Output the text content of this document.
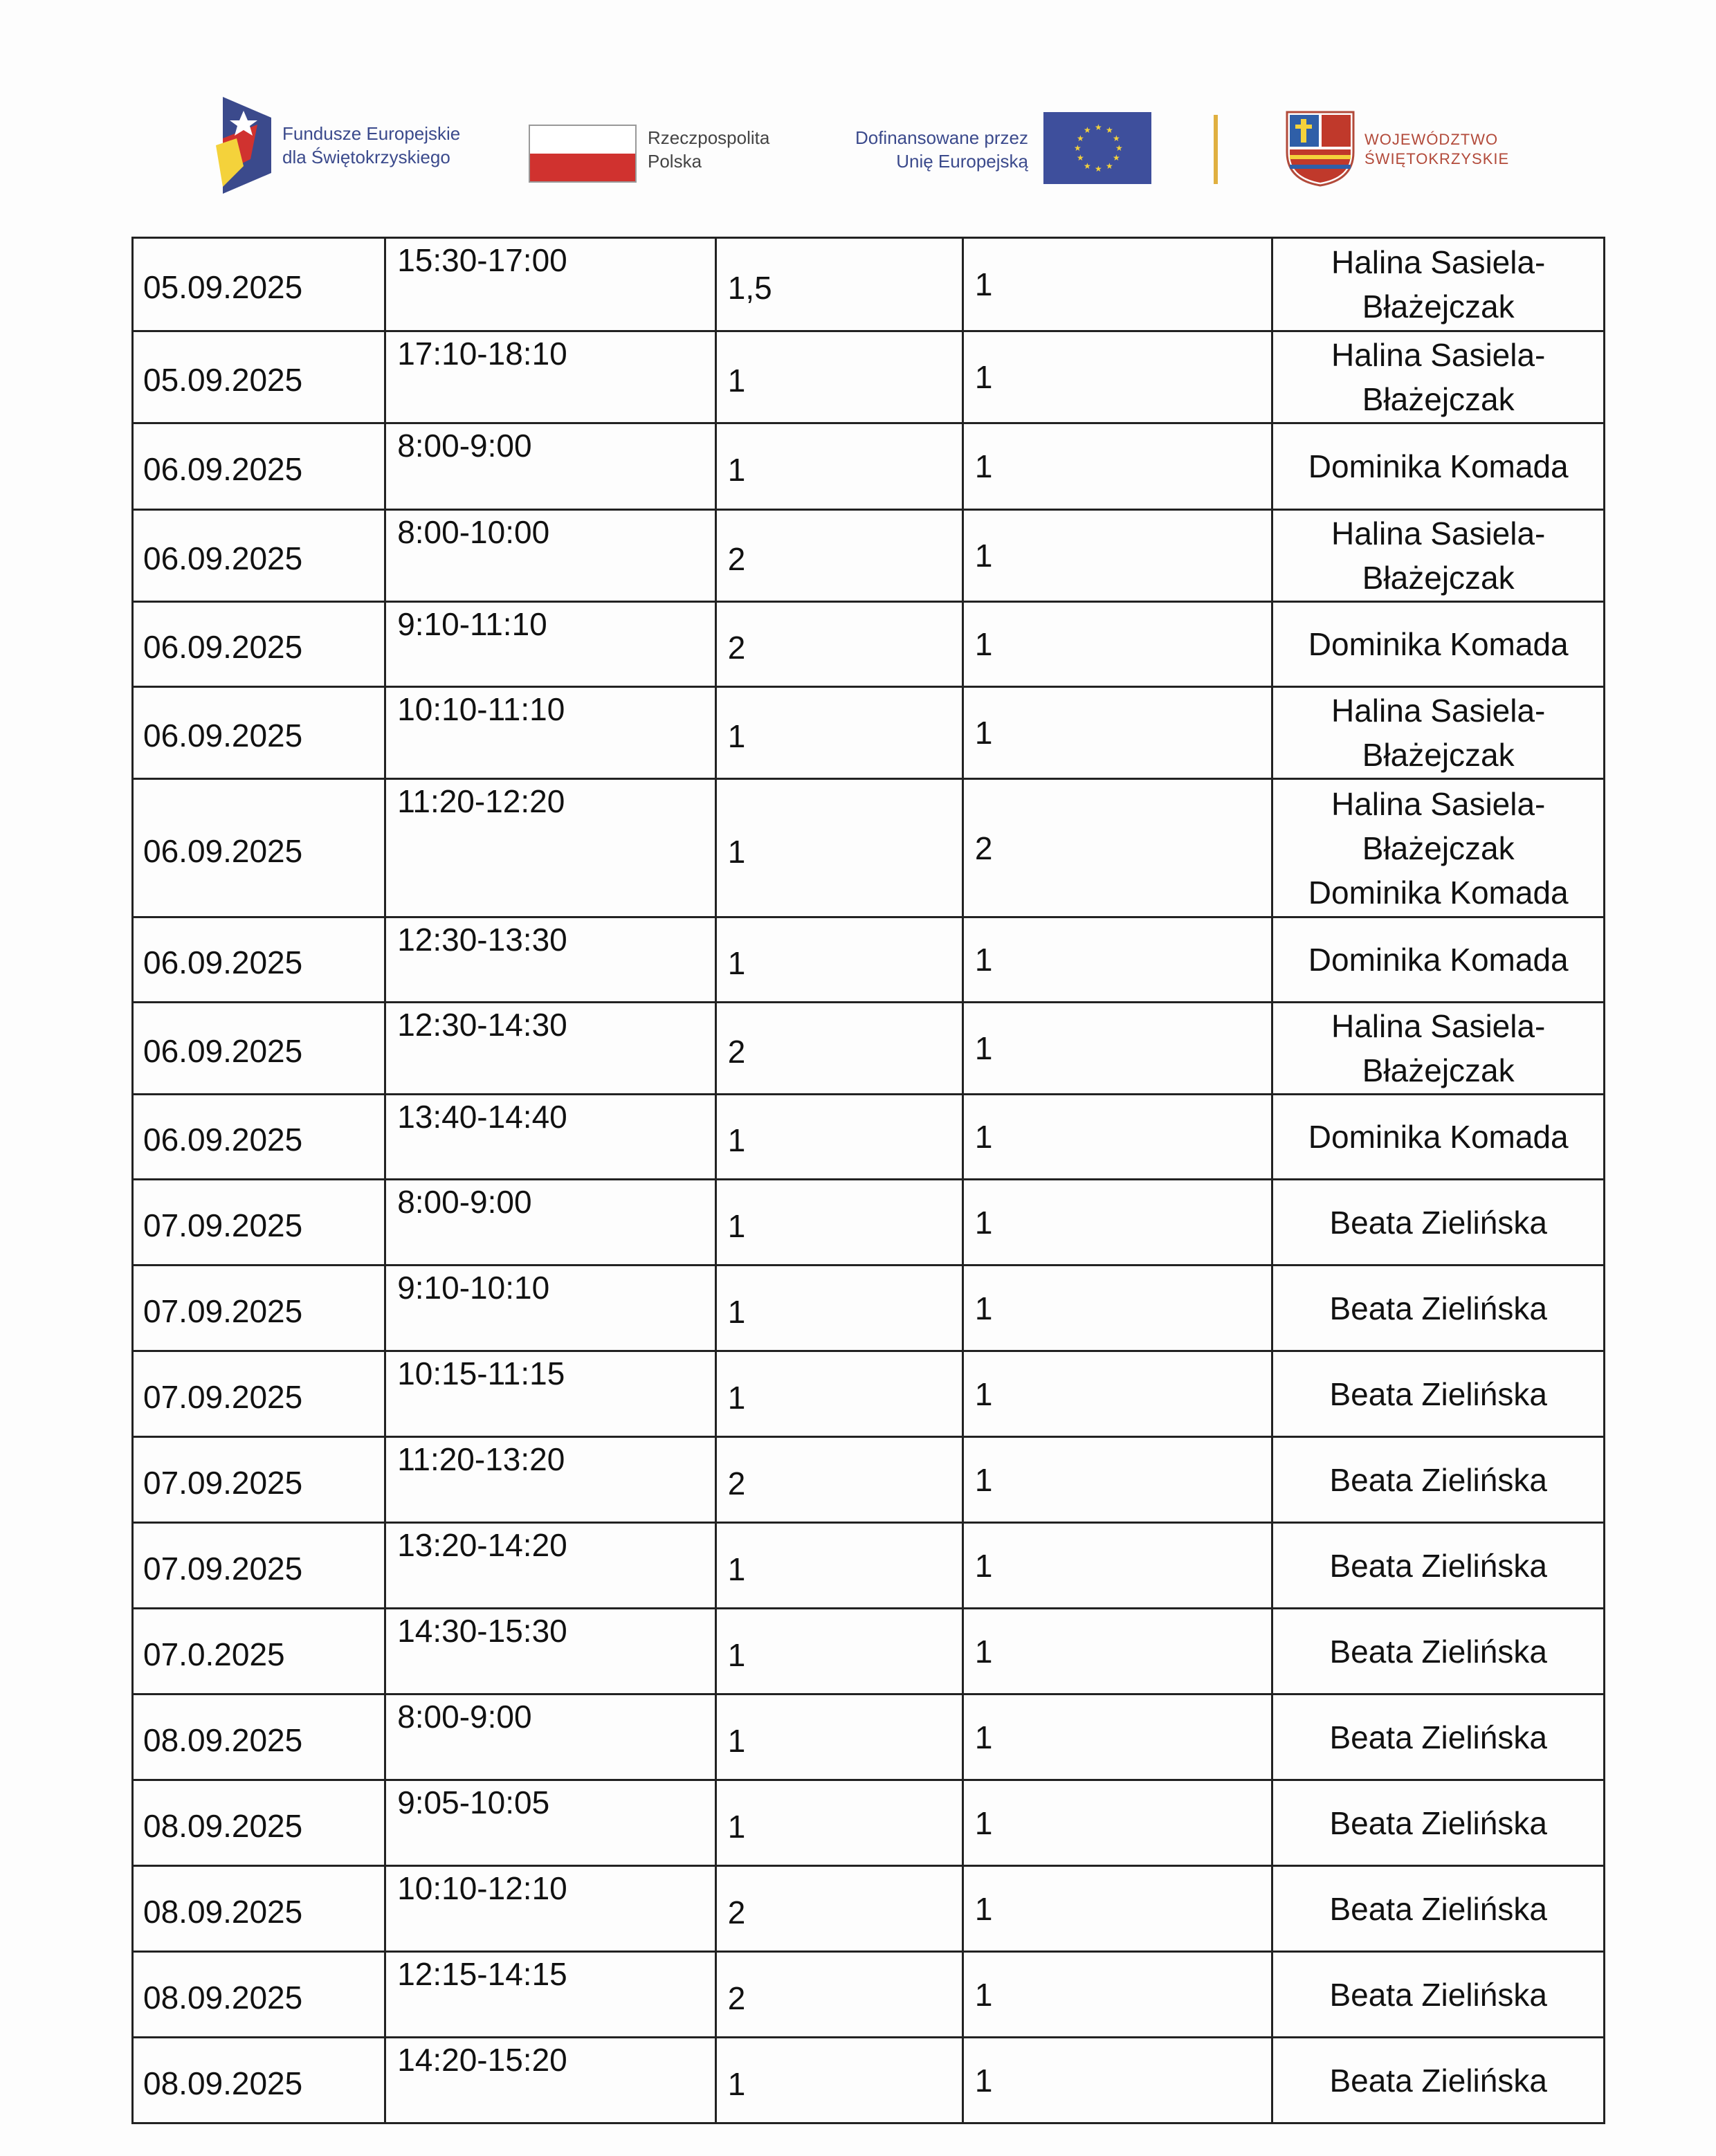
Fundusze Europejskie
dla Świętokrzyskiego
Rzeczpospolita
Polska
Dofinansowane przez
Unię Europejską
★ ★
★
★
★
★
★
★
★
★
★
★
WOJEWÓDZTWO
ŚWIĘTOKRZYSKIE
05.09.2025	15:30-17:00	1,5	1	Halina Sasiela-
Błażejczak

05.09.2025	17:10-18:10	1	1	Halina Sasiela-
Błażejczak

06.09.2025	8:00-9:00	1	1	Dominika Komada

06.09.2025	8:00-10:00	2	1	Halina Sasiela-
Błażejczak

06.09.2025	9:10-11:10	2	1	Dominika Komada

06.09.2025	10:10-11:10	1	1	Halina Sasiela-
Błażejczak

06.09.2025	11:20-12:20	1	2	Halina Sasiela-
Błażejczak
Dominika Komada

06.09.2025	12:30-13:30	1	1	Dominika Komada

06.09.2025	12:30-14:30	2	1	Halina Sasiela-
Błażejczak

06.09.2025	13:40-14:40	1	1	Dominika Komada

07.09.2025	8:00-9:00	1	1	Beata Zielińska

07.09.2025	9:10-10:10	1	1	Beata Zielińska

07.09.2025	10:15-11:15	1	1	Beata Zielińska

07.09.2025	11:20-13:20	2	1	Beata Zielińska

07.09.2025	13:20-14:20	1	1	Beata Zielińska

07.0.2025	14:30-15:30	1	1	Beata Zielińska

08.09.2025	8:00-9:00	1	1	Beata Zielińska

08.09.2025	9:05-10:05	1	1	Beata Zielińska

08.09.2025	10:10-12:10	2	1	Beata Zielińska

08.09.2025	12:15-14:15	2	1	Beata Zielińska

08.09.2025	14:20-15:20	1	1	Beata Zielińska
